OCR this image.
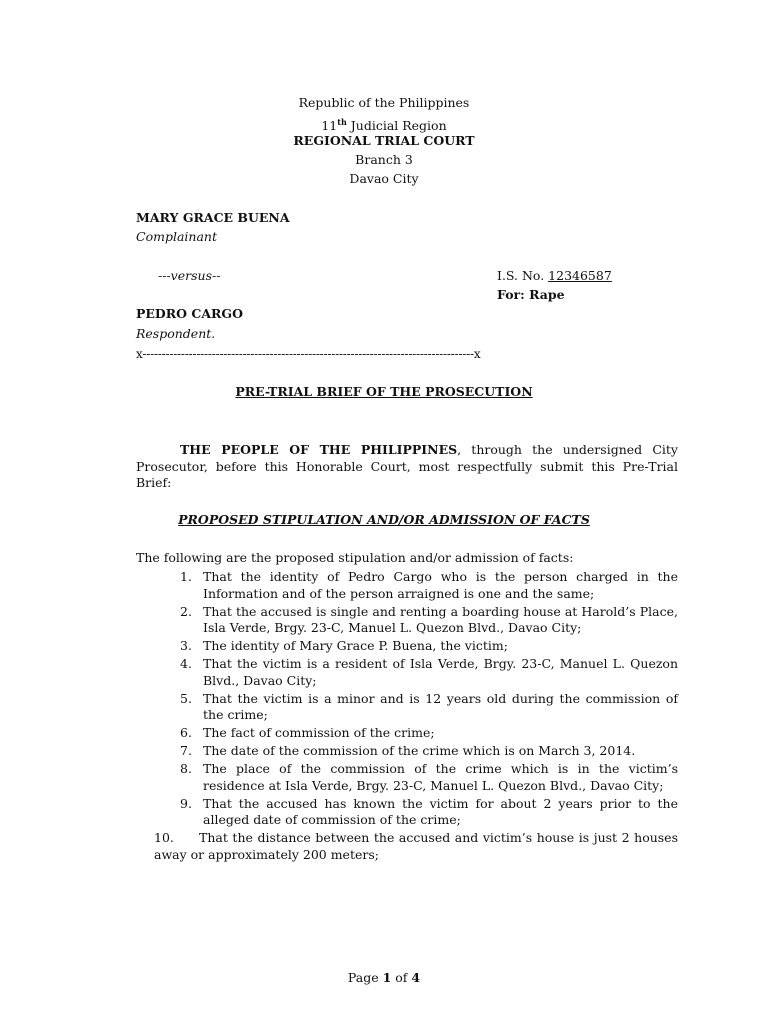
Republic of the Philippines
11th Judicial Region
REGIONAL TRIAL COURT
Branch 3
Davao City
MARY GRACE BUENA
Complainant
---versus--	I.S. No. 12346587
For: Rape
PEDRO CARGO
Respondent.
x--------------------------------------------------------------------------------------x
PRE-TRIAL BRIEF OF THE PROSECUTION
THE PEOPLE OF THE PHILIPPINES, through the undersigned City Prosecutor, before this Honorable Court, most respectfully submit this Pre-Trial Brief:
PROPOSED STIPULATION AND/OR ADMISSION OF FACTS
The following are the proposed stipulation and/or admission of facts:
1. That the identity of Pedro Cargo who is the person charged in the Information and of the person arraigned is one and the same;
2. That the accused is single and renting a boarding house at Harold’s Place, Isla Verde, Brgy. 23-C, Manuel L. Quezon Blvd., Davao City;
3. The identity of Mary Grace P. Buena, the victim;
4. That the victim is a resident of Isla Verde, Brgy. 23-C, Manuel L. Quezon Blvd., Davao City;
5. That the victim is a minor and is 12 years old during the commission of the crime;
6. The fact of commission of the crime;
7. The date of the commission of the crime which is on March 3, 2014.
8. The place of the commission of the crime which is in the victim’s residence at Isla Verde, Brgy. 23-C, Manuel L. Quezon Blvd., Davao City;
9. That the accused has known the victim for about 2 years prior to the alleged date of commission of the crime;
10. That the distance between the accused and victim’s house is just 2 houses away or approximately 200 meters;
Page 1 of 4
